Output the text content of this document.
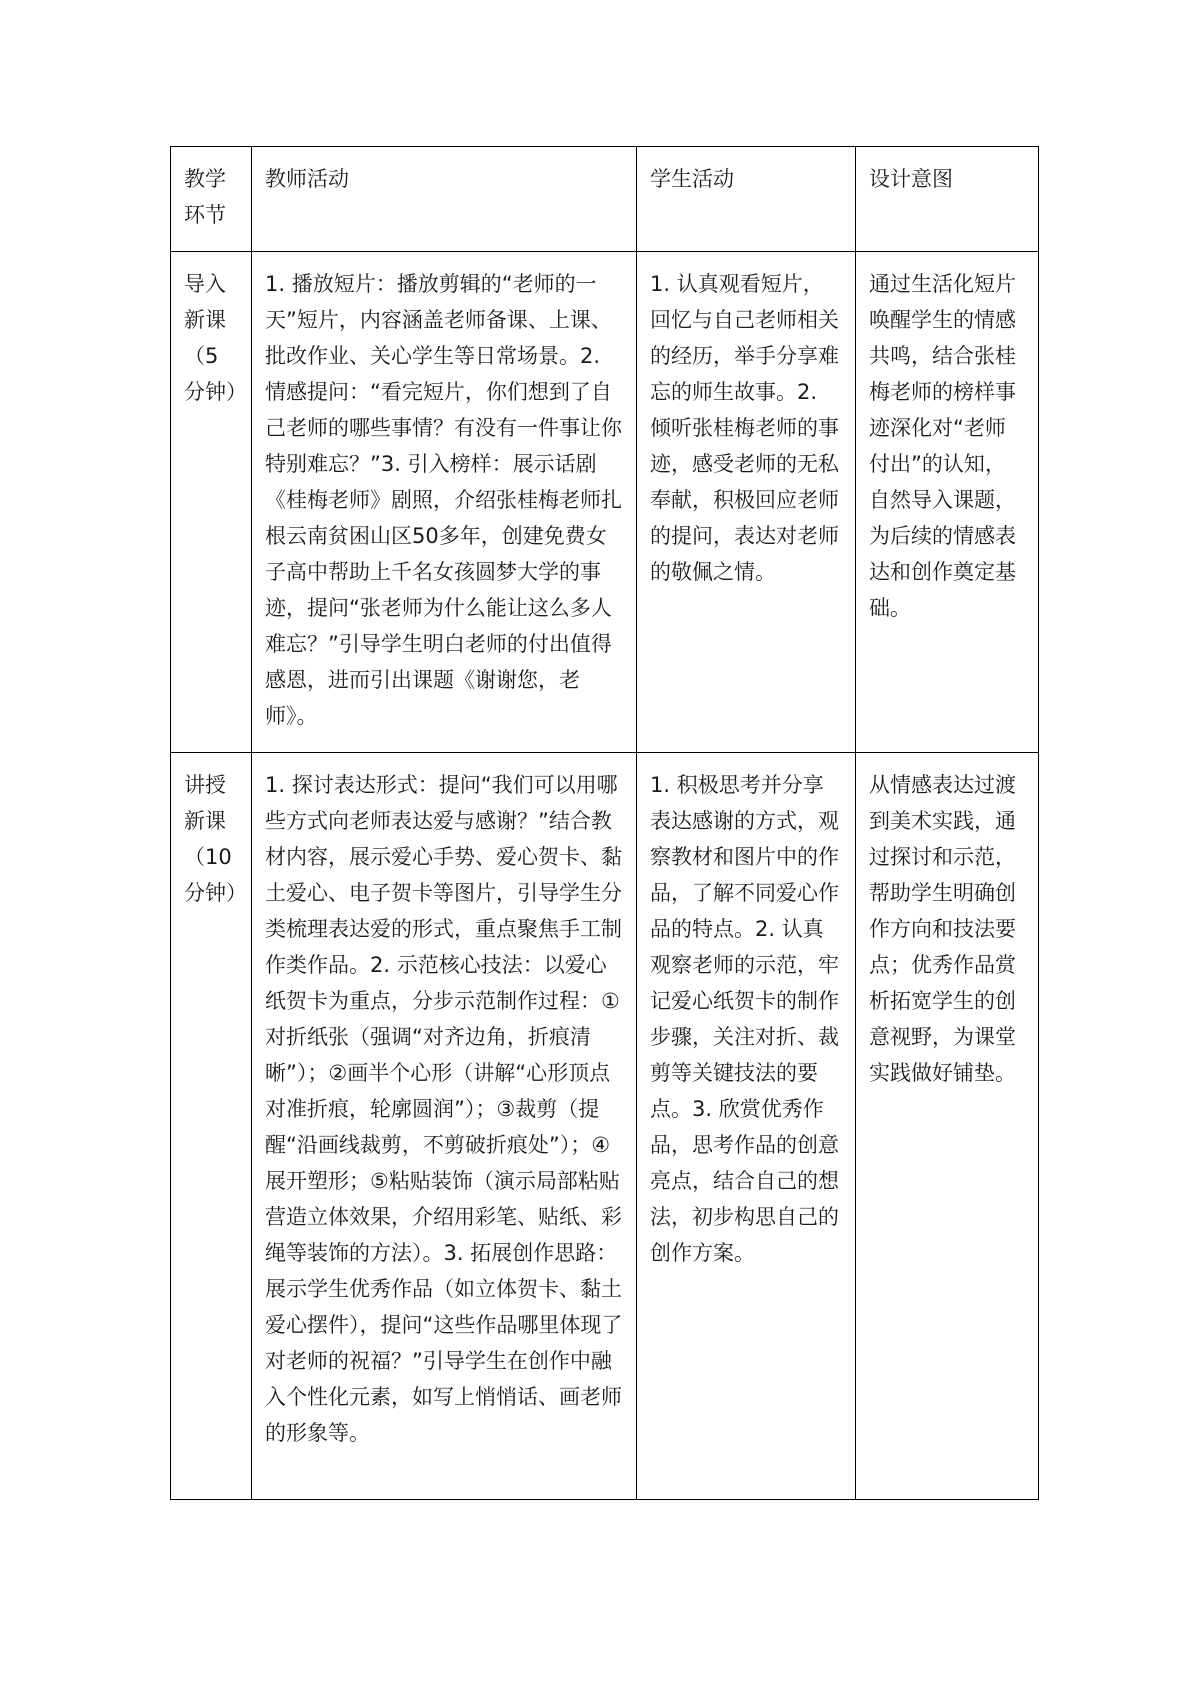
教学环节	教师活动	学生活动	设计意图

导入新课（5分钟）	1. 播放短片：播放剪辑的“老师的一天”短片，内容涵盖老师备课、上课、批改作业、关心学生等日常场景。2. 情感提问：“看完短片，你们想到了自己老师的哪些事情？有没有一件事让你特别难忘？”3. 引入榜样：展示话剧《桂梅老师》剧照，介绍张桂梅老师扎根云南贫困山区50多年，创建免费女子高中帮助上千名女孩圆梦大学的事迹，提问“张老师为什么能让这么多人难忘？”引导学生明白老师的付出值得感恩，进而引出课题《谢谢您，老师》。	1. 认真观看短片，回忆与自己老师相关的经历，举手分享难忘的师生故事。2. 倾听张桂梅老师的事迹，感受老师的无私奉献，积极回应老师的提问，表达对老师的敬佩之情。	通过生活化短片唤醒学生的情感共鸣，结合张桂梅老师的榜样事迹深化对“老师付出”的认知，自然导入课题，为后续的情感表达和创作奠定基础。

讲授新课（10分钟）	1. 探讨表达形式：提问“我们可以用哪些方式向老师表达爱与感谢？”结合教材内容，展示爱心手势、爱心贺卡、黏土爱心、电子贺卡等图片，引导学生分类梳理表达爱的形式，重点聚焦手工制作类作品。2. 示范核心技法：以爱心纸贺卡为重点，分步示范制作过程：①对折纸张（强调“对齐边角，折痕清晰”）；②画半个心形（讲解“心形顶点对准折痕，轮廓圆润”）；③裁剪（提醒“沿画线裁剪，不剪破折痕处”）；④展开塑形；⑤粘贴装饰（演示局部粘贴营造立体效果，介绍用彩笔、贴纸、彩绳等装饰的方法）。3. 拓展创作思路：展示学生优秀作品（如立体贺卡、黏土爱心摆件），提问“这些作品哪里体现了对老师的祝福？”引导学生在创作中融入个性化元素，如写上悄悄话、画老师的形象等。	1. 积极思考并分享表达感谢的方式，观察教材和图片中的作品，了解不同爱心作品的特点。2. 认真观察老师的示范，牢记爱心纸贺卡的制作步骤，关注对折、裁剪等关键技法的要点。3. 欣赏优秀作品，思考作品的创意亮点，结合自己的想法，初步构思自己的创作方案。	从情感表达过渡到美术实践，通过探讨和示范，帮助学生明确创作方向和技法要点；优秀作品赏析拓宽学生的创意视野，为课堂实践做好铺垫。
